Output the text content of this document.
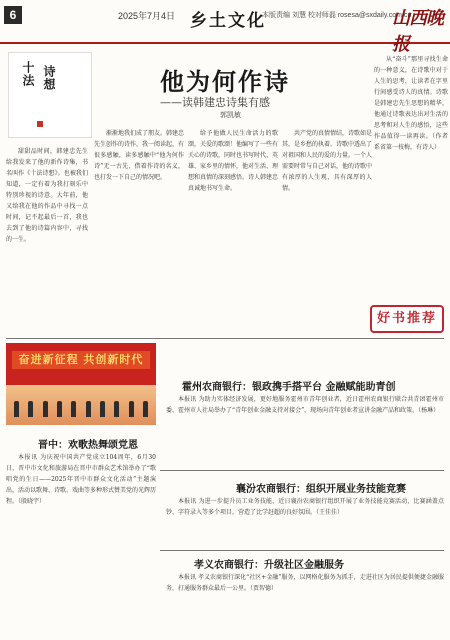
6	2025年7月4日 乡土文化
本版责编 刘慧 校对师磊 rosesa@sxdaily.com.cn
山西晚报
十法 诗想	他为何作诗
——读韩建忠诗集有感
郭凯敏

甜甜品时间，韩建忠先生给我发来了他的新作诗集，书名叫作《十法诗想》。也被我们知道，一定有着为我打刻乐中特别珍视的诗意。大年前，他又给我在他的作品中寻找一点时间，记不起最后一首，我也去到了他的诗篇内容中，寻找的一生。

渐渐地我们成了朋友。韩建忠先生创作的诗作，我一阅读起，有很多感触，读多感触中“他为何作诗”无一古先，借着作诗的名义，也打发一下自己的情况吧。

给予他做人民生命活力的歌颂，关爱的歌颂！他编写了一些有关心的诗歌，同时也书写时代、英雄、家乡里的情怀，他对生活、理想和真情的深刻感悟。诗人韩建忠真诚地书写生命。

共产党的真情情结，诗歌如是其，是乡愁的执着。诗歌中透出了对祖国和人民的爱的力量。一个人需要时常与自己对话，他的诗歌中有浓厚的人生观，具有深厚的人情。

从“奋斗”那里寻找生命的一种意义，在诗歌中对于人生的思考，让读者在字里行间感受诗人的真情。诗歌是韩建忠先生思想的精华，他通过诗歌表达出对生活的思考和对人生的感悟，这些作品值得一读再读。（作者系省第一枝梅，有诗人）

好书推荐
奋进新征程 共创新时代
霍州农商银行：银政携手搭平台 金融赋能助青创

本报讯 为助力实体经济发展，更好地服务霍州市青年创业者，近日霍州农商银行联合共青团霍州市委、霍州市人社局举办了“青年创业金融支持对接会”，现场向青年创业者宣讲金融产品和政策。（杨琳）

晋中：欢歌热舞颂党恩

本报讯 为庆祝中国共产党成立104周年，6月30日，晋中市文化和旅游局在晋中市群众艺术馆举办了“歌唱党的生日——2025年晋中市群众文化活动”主题演出，活动以歌舞、诗歌、戏曲等多种形式赞美党的光辉历程。（殷晓宇）

襄汾农商银行：组织开展业务技能竞赛

本报讯 为进一步提升员工业务技能，近日襄汾农商银行组织开展了业务技能竞赛活动，比赛涵盖点钞、字符录入等多个项目，营造了比学赶超的良好氛围。（王佳佳）

孝义农商银行：升级社区金融服务

本报讯 孝义农商银行深化“社区+金融”服务，以网格化服务为抓手，走进社区为居民提供便捷金融服务，打通服务群众最后一公里。（贾智德）
